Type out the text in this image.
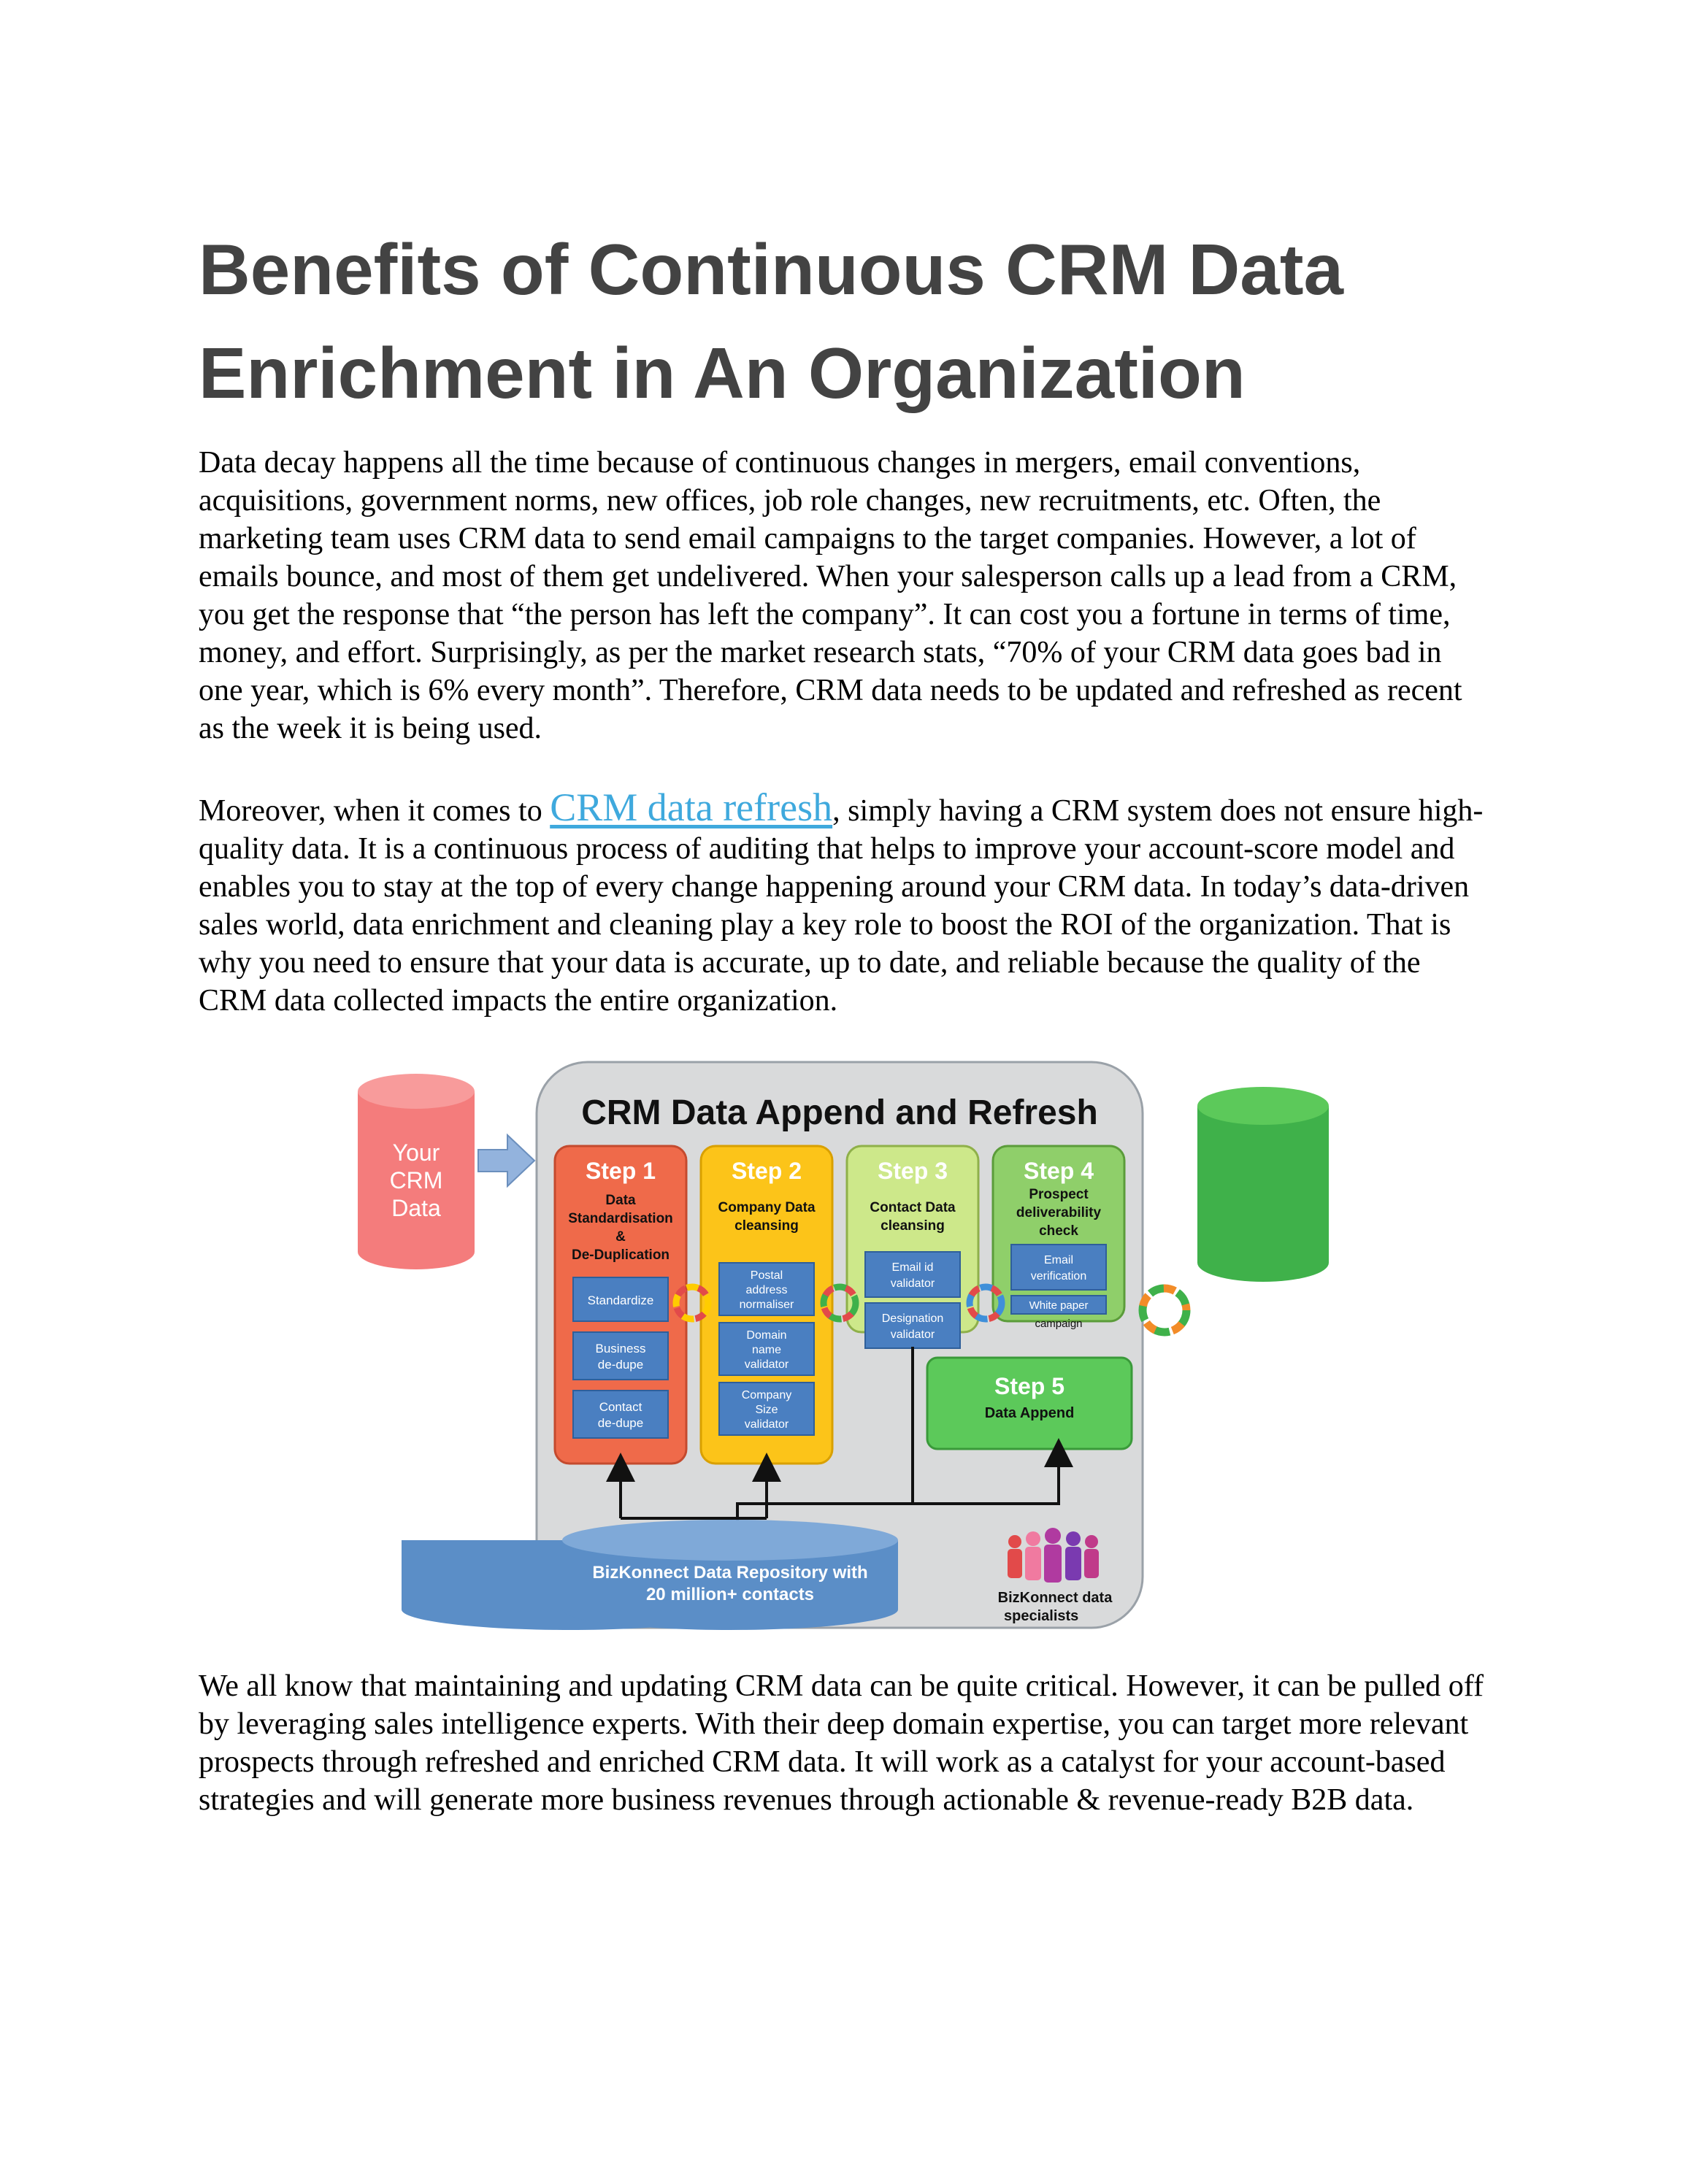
Benefits of Continuous CRM Data Enrichment in An Organization

Data decay happens all the time because of continuous changes in mergers, email conventions, acquisitions, government norms, new offices, job role changes, new recruitments, etc. Often, the marketing team uses CRM data to send email campaigns to the target companies. However, a lot of emails bounce, and most of them get undelivered. When your salesperson calls up a lead from a CRM, you get the response that “the person has left the company”. It can cost you a fortune in terms of time, money, and effort. Surprisingly, as per the market research stats, “70% of your CRM data goes bad in one year, which is 6% every month”. Therefore, CRM data needs to be updated and refreshed as recent as the week it is being used.

Moreover, when it comes to CRM data refresh, simply having a CRM system does not ensure high-quality data. It is a continuous process of auditing that helps to improve your account-score model and enables you to stay at the top of every change happening around your CRM data. In today’s data-driven sales world, data enrichment and cleaning play a key role to boost the ROI of the organization. That is why you need to ensure that your data is accurate, up to date, and reliable because the quality of the CRM data collected impacts the entire organization.

Your
CRM
Data
CRM Data Append and Refresh
Step 1
Data
Standardisation
&
De-Duplication
Standardize
Business
de-dupe
Contact
de-dupe
Step 2
Company Data
cleansing
Postal
address
normaliser
Domain
name
validator
Company
Size
validator
Step 3
Contact Data
cleansing
Email id
validator
Designation
validator
Step 4
Prospect
deliverability
check
Email
verification
White paper
campaign
Step 5
Data Append
BizKonnect Data Repository with
20 million+ contacts	BizKonnect data
specialists
Cleaned &
Enriched
CRM Data

We all know that maintaining and updating CRM data can be quite critical. However, it can be pulled off by leveraging sales intelligence experts. With their deep domain expertise, you can target more relevant prospects through refreshed and enriched CRM data. It will work as a catalyst for your account-based strategies and will generate more business revenues through actionable & revenue-ready B2B data.
